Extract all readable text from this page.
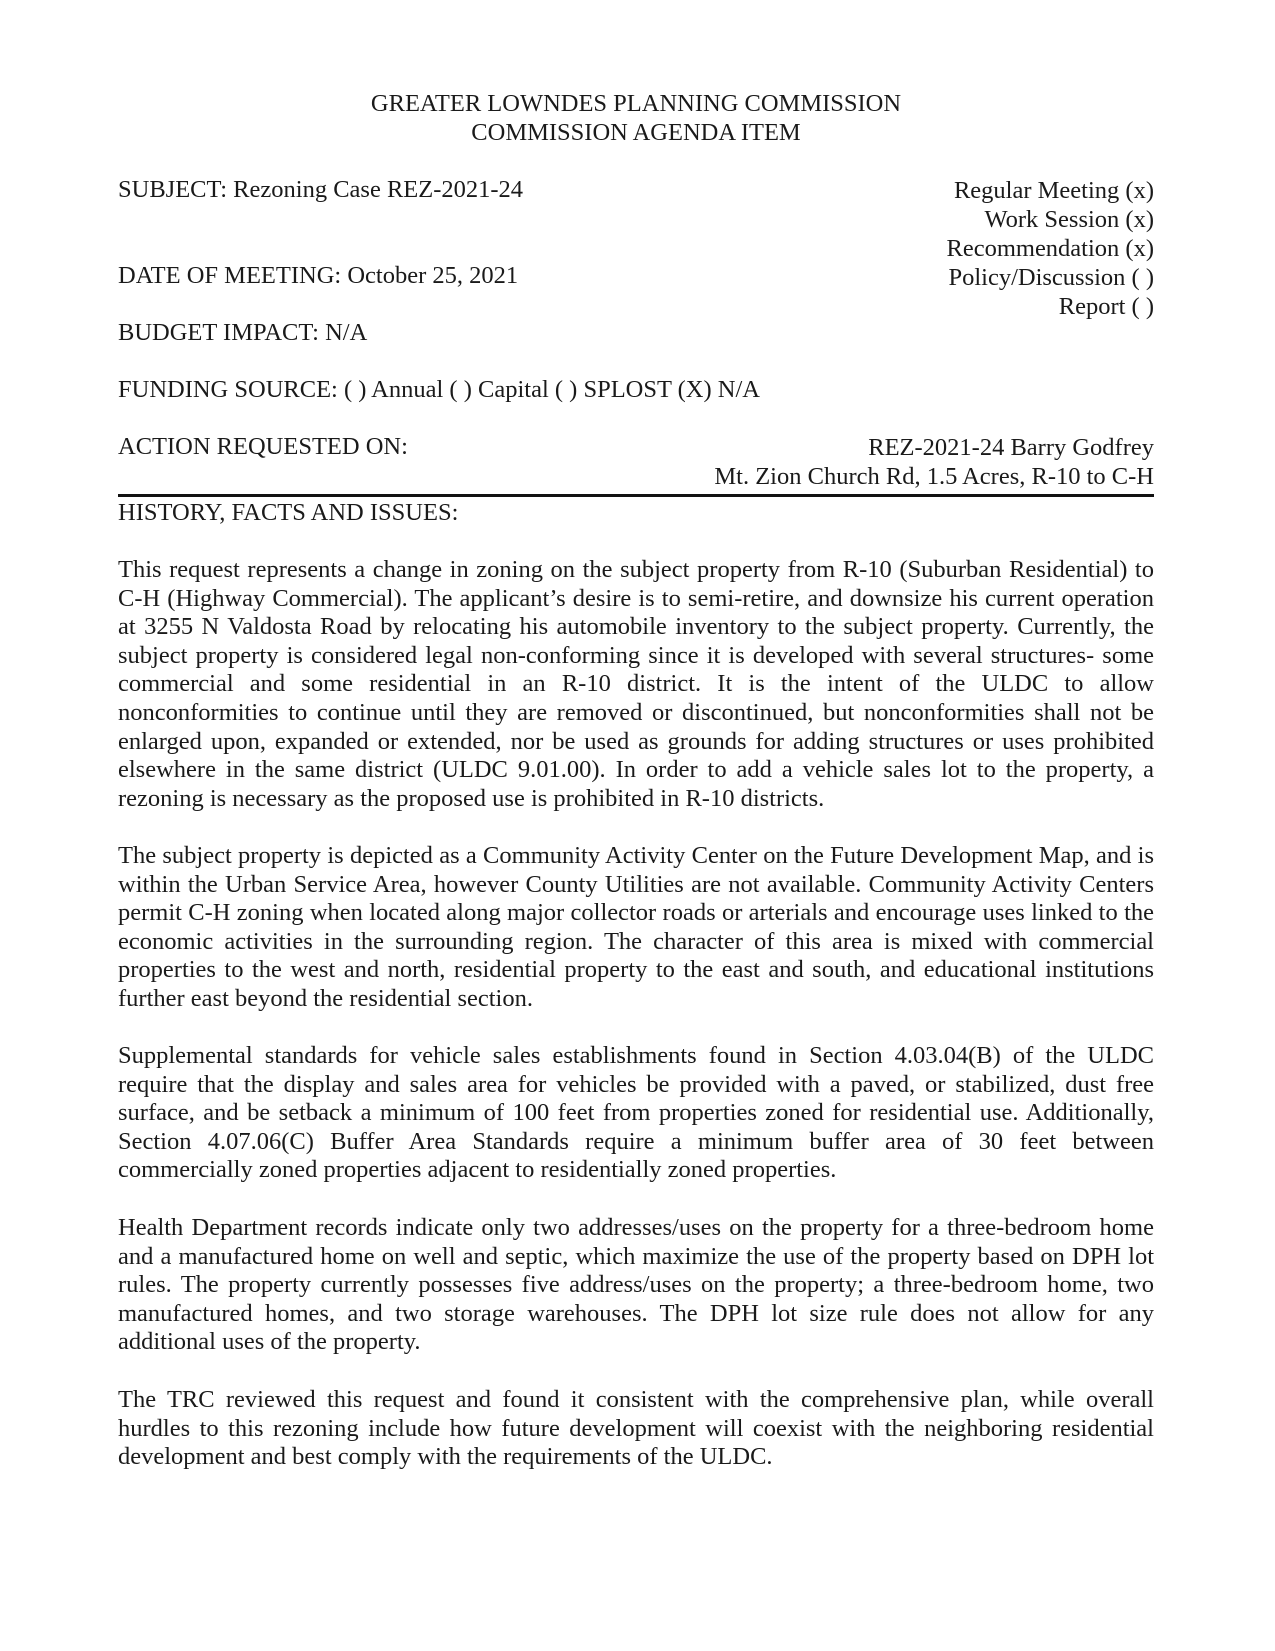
GREATER LOWNDES PLANNING COMMISSION
COMMISSION AGENDA ITEM
SUBJECT: Rezoning Case REZ-2021-24
DATE OF MEETING: October 25, 2021
BUDGET IMPACT: N/A
FUNDING SOURCE: ( ) Annual ( ) Capital ( ) SPLOST (X) N/A
ACTION REQUESTED ON:
Regular Meeting (x)
Work Session (x)
Recommendation (x)
Policy/Discussion ( )
Report ( )
REZ-2021-24 Barry Godfrey
Mt. Zion Church Rd, 1.5 Acres, R-10 to C-H
HISTORY, FACTS AND ISSUES:

This request represents a change in zoning on the subject property from R-10 (Suburban Residential) to C-H (Highway Commercial). The applicant’s desire is to semi-retire, and downsize his current operation at 3255 N Valdosta Road by relocating his automobile inventory to the subject property. Currently, the subject property is considered legal non-conforming since it is developed with several structures- some commercial and some residential in an R-10 district. It is the intent of the ULDC to allow nonconformities to continue until they are removed or discontinued, but nonconformities shall not be enlarged upon, expanded or extended, nor be used as grounds for adding structures or uses prohibited elsewhere in the same district (ULDC 9.01.00). In order to add a vehicle sales lot to the property, a rezoning is necessary as the proposed use is prohibited in R-10 districts.

The subject property is depicted as a Community Activity Center on the Future Development Map, and is within the Urban Service Area, however County Utilities are not available. Community Activity Centers permit C-H zoning when located along major collector roads or arterials and encourage uses linked to the economic activities in the surrounding region. The character of this area is mixed with commercial properties to the west and north, residential property to the east and south, and educational institutions further east beyond the residential section.

Supplemental standards for vehicle sales establishments found in Section 4.03.04(B) of the ULDC require that the display and sales area for vehicles be provided with a paved, or stabilized, dust free surface, and be setback a minimum of 100 feet from properties zoned for residential use. Additionally, Section 4.07.06(C) Buffer Area Standards require a minimum buffer area of 30 feet between commercially zoned properties adjacent to residentially zoned properties.

Health Department records indicate only two addresses/uses on the property for a three-bedroom home and a manufactured home on well and septic, which maximize the use of the property based on DPH lot rules. The property currently possesses five address/uses on the property; a three-bedroom home, two manufactured homes, and two storage warehouses. The DPH lot size rule does not allow for any additional uses of the property.

The TRC reviewed this request and found it consistent with the comprehensive plan, while overall hurdles to this rezoning include how future development will coexist with the neighboring residential development and best comply with the requirements of the ULDC.
